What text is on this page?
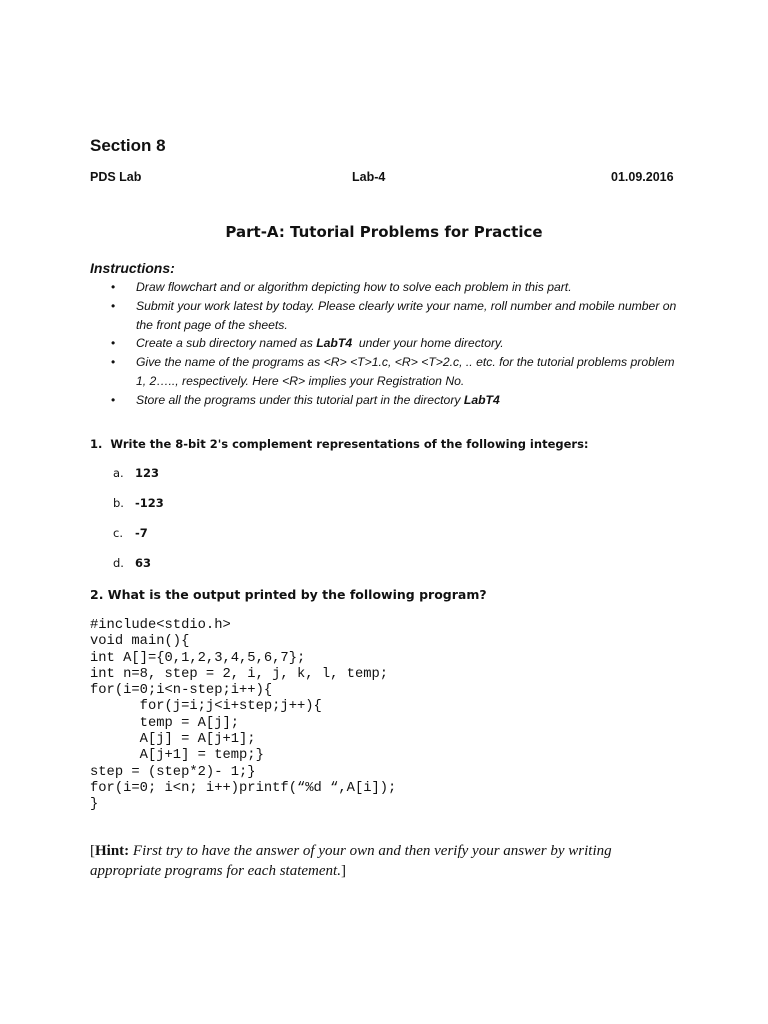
Section 8
PDS Lab	Lab-4	01.09.2016
Part-A: Tutorial Problems for Practice
Instructions:
• Draw flowchart and or algorithm depicting how to solve each problem in this part.
• Submit your work latest by today. Please clearly write your name, roll number and mobile number on the front page of the sheets.
• Create a sub directory named as LabT4  under your home directory.
• Give the name of the programs as <R> <T>1.c, <R> <T>2.c, .. etc. for the tutorial problems problem 1, 2….., respectively. Here <R> implies your Registration No.
• Store all the programs under this tutorial part in the directory LabT4
1.  Write the 8-bit 2's complement representations of the following integers:
a. 123
b. -123
c. -7
d. 63
2. What is the output printed by the following program?
#include<stdio.h>
void main(){
int A[]={0,1,2,3,4,5,6,7};
int n=8, step = 2, i, j, k, l, temp;
for(i=0;i<n-step;i++){
for(j=i;j<i+step;j++){
temp = A[j];
A[j] = A[j+1];
A[j+1] = temp;}
step = (step*2)- 1;}
for(i=0; i<n; i++)printf(“%d “,A[i]);
}
[Hint: First try to have the answer of your own and then verify your answer by writing appropriate programs for each statement.]
